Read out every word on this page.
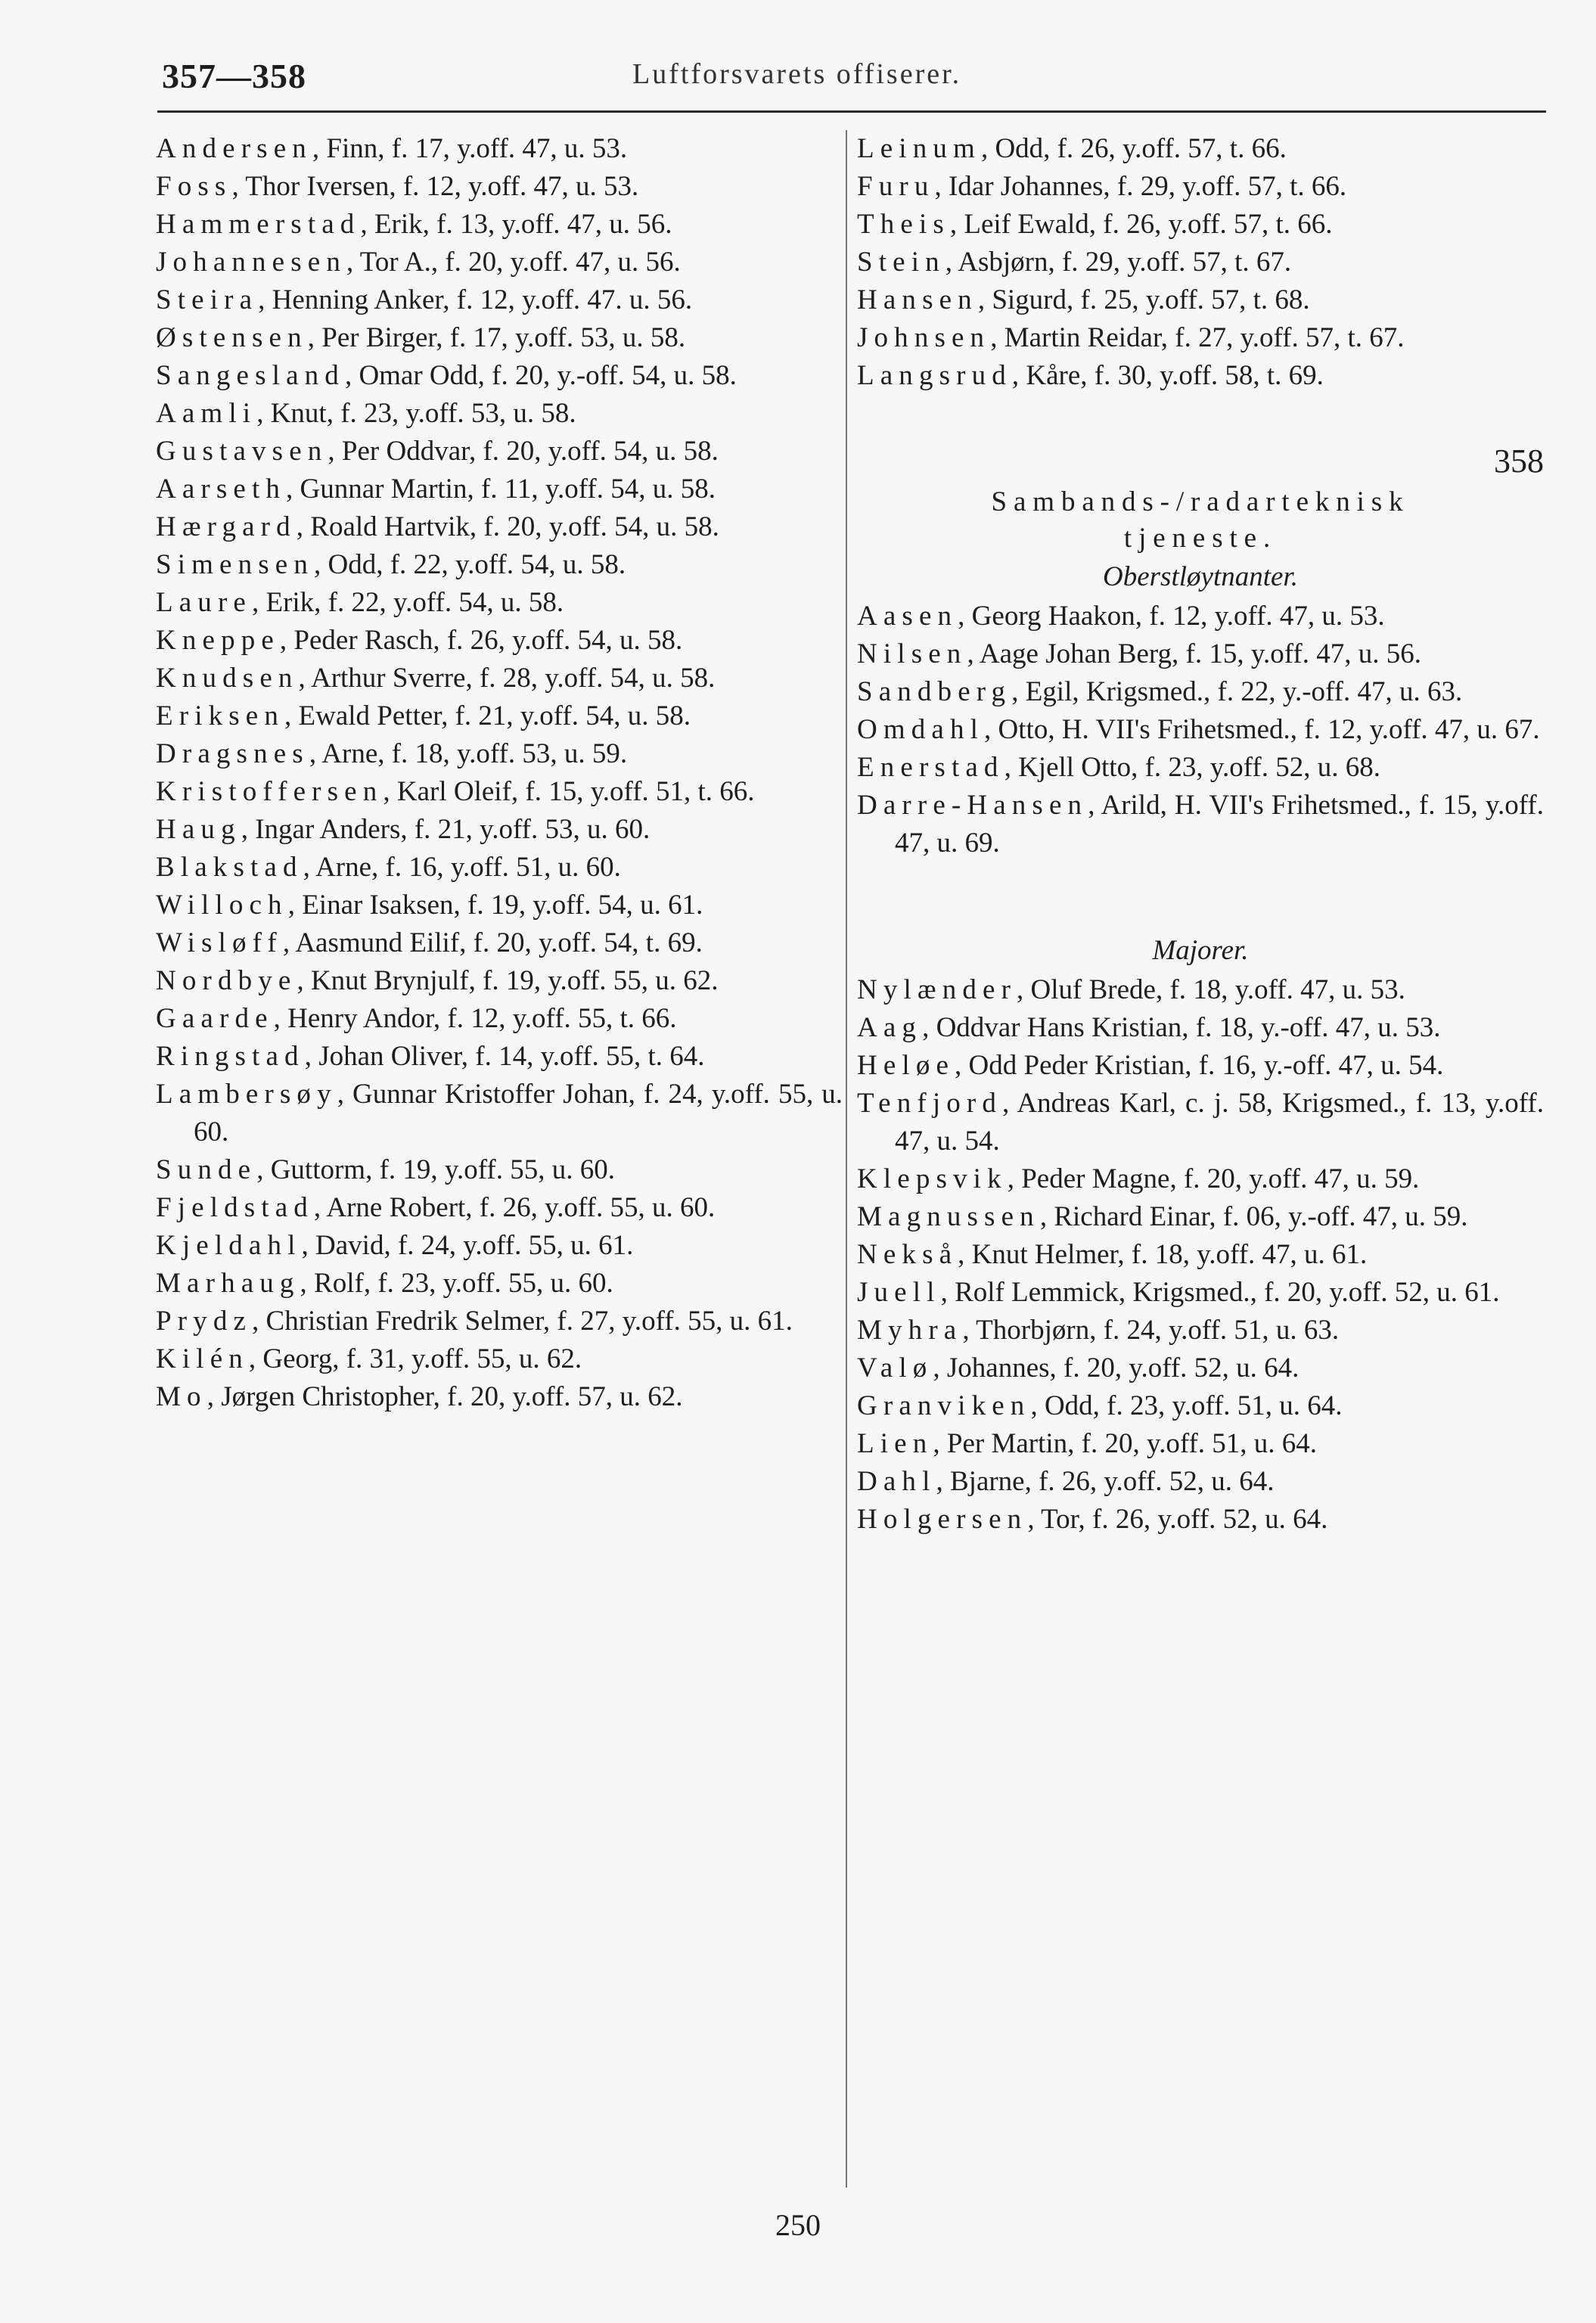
357—358	Luftforsvarets offiserer.
Andersen, Finn, f. 17, y.off. 47, u. 53.
Foss, Thor Iversen, f. 12, y.off. 47, u. 53.
Hammerstad, Erik, f. 13, y.off. 47, u. 56.
Johannesen, Tor A., f. 20, y.off. 47, u. 56.
Steira, Henning Anker, f. 12, y.off. 47. u. 56.
Østensen, Per Birger, f. 17, y.off. 53, u. 58.
Sangesland, Omar Odd, f. 20, y.-off. 54, u. 58.
Aamli, Knut, f. 23, y.off. 53, u. 58.
Gustavsen, Per Oddvar, f. 20, y.off. 54, u. 58.
Aarseth, Gunnar Martin, f. 11, y.off. 54, u. 58.
Hærgard, Roald Hartvik, f. 20, y.off. 54, u. 58.
Simensen, Odd, f. 22, y.off. 54, u. 58.
Laure, Erik, f. 22, y.off. 54, u. 58.
Kneppe, Peder Rasch, f. 26, y.off. 54, u. 58.
Knudsen, Arthur Sverre, f. 28, y.off. 54, u. 58.
Eriksen, Ewald Petter, f. 21, y.off. 54, u. 58.
Dragsnes, Arne, f. 18, y.off. 53, u. 59.
Kristoffersen, Karl Oleif, f. 15, y.off. 51, t. 66.
Haug, Ingar Anders, f. 21, y.off. 53, u. 60.
Blakstad, Arne, f. 16, y.off. 51, u. 60.
Willoch, Einar Isaksen, f. 19, y.off. 54, u. 61.
Wisløff, Aasmund Eilif, f. 20, y.off. 54, t. 69.
Nordbye, Knut Brynjulf, f. 19, y.off. 55, u. 62.
Gaarde, Henry Andor, f. 12, y.off. 55, t. 66.
Ringstad, Johan Oliver, f. 14, y.off. 55, t. 64.
Lambersøy, Gunnar Kristoffer Johan, f. 24, y.off. 55, u. 60.
Sunde, Guttorm, f. 19, y.off. 55, u. 60.
Fjeldstad, Arne Robert, f. 26, y.off. 55, u. 60.
Kjeldahl, David, f. 24, y.off. 55, u. 61.
Marhaug, Rolf, f. 23, y.off. 55, u. 60.
Prydz, Christian Fredrik Selmer, f. 27, y.off. 55, u. 61.
Kilén, Georg, f. 31, y.off. 55, u. 62.
Mo, Jørgen Christopher, f. 20, y.off. 57, u. 62.
Leinum, Odd, f. 26, y.off. 57, t. 66.
Furu, Idar Johannes, f. 29, y.off. 57, t. 66.
Theis, Leif Ewald, f. 26, y.off. 57, t. 66.
Stein, Asbjørn, f. 29, y.off. 57, t. 67.
Hansen, Sigurd, f. 25, y.off. 57, t. 68.
Johnsen, Martin Reidar, f. 27, y.off. 57, t. 67.
Langsrud, Kåre, f. 30, y.off. 58, t. 69.
358
Sambands-/radarteknisk
tjeneste.
Oberstløytnanter.
Aasen, Georg Haakon, f. 12, y.off. 47, u. 53.
Nilsen, Aage Johan Berg, f. 15, y.off. 47, u. 56.
Sandberg, Egil, Krigsmed., f. 22, y.-off. 47, u. 63.
Omdahl, Otto, H. VII's Frihetsmed., f. 12, y.off. 47, u. 67.
Enerstad, Kjell Otto, f. 23, y.off. 52, u. 68.
Darre-Hansen, Arild, H. VII's Frihetsmed., f. 15, y.off. 47, u. 69.
Majorer.
Nylænder, Oluf Brede, f. 18, y.off. 47, u. 53.
Aag, Oddvar Hans Kristian, f. 18, y.-off. 47, u. 53.
Heløe, Odd Peder Kristian, f. 16, y.-off. 47, u. 54.
Tenfjord, Andreas Karl, c. j. 58, Krigsmed., f. 13, y.off. 47, u. 54.
Klepsvik, Peder Magne, f. 20, y.off. 47, u. 59.
Magnussen, Richard Einar, f. 06, y.-off. 47, u. 59.
Nekså, Knut Helmer, f. 18, y.off. 47, u. 61.
Juell, Rolf Lemmick, Krigsmed., f. 20, y.off. 52, u. 61.
Myhra, Thorbjørn, f. 24, y.off. 51, u. 63.
Valø, Johannes, f. 20, y.off. 52, u. 64.
Granviken, Odd, f. 23, y.off. 51, u. 64.
Lien, Per Martin, f. 20, y.off. 51, u. 64.
Dahl, Bjarne, f. 26, y.off. 52, u. 64.
Holgersen, Tor, f. 26, y.off. 52, u. 64.
250
